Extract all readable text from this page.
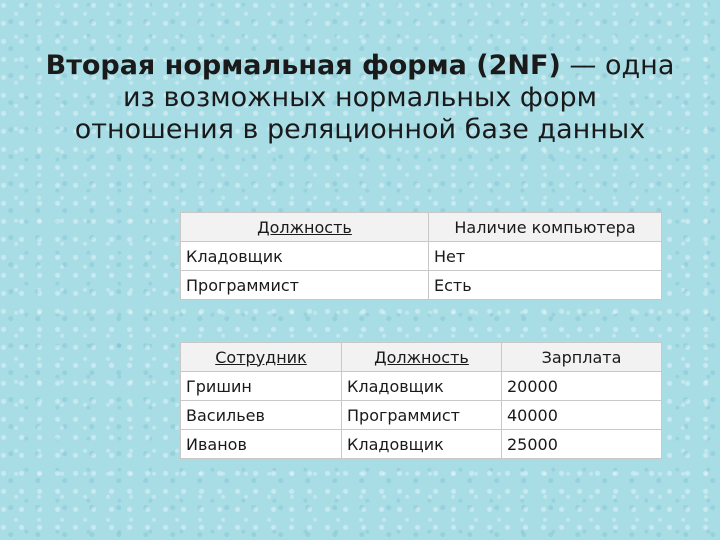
Вторая нормальная форма (2NF) — одна из возможных нормальных форм отношения в реляционной базе данных
Должность	Наличие компьютера
Кладовщик	Нет
Программист	Есть
Сотрудник	Должность	Зарплата
Гришин	Кладовщик	20000
Васильев	Программист	40000
Иванов	Кладовщик	25000
